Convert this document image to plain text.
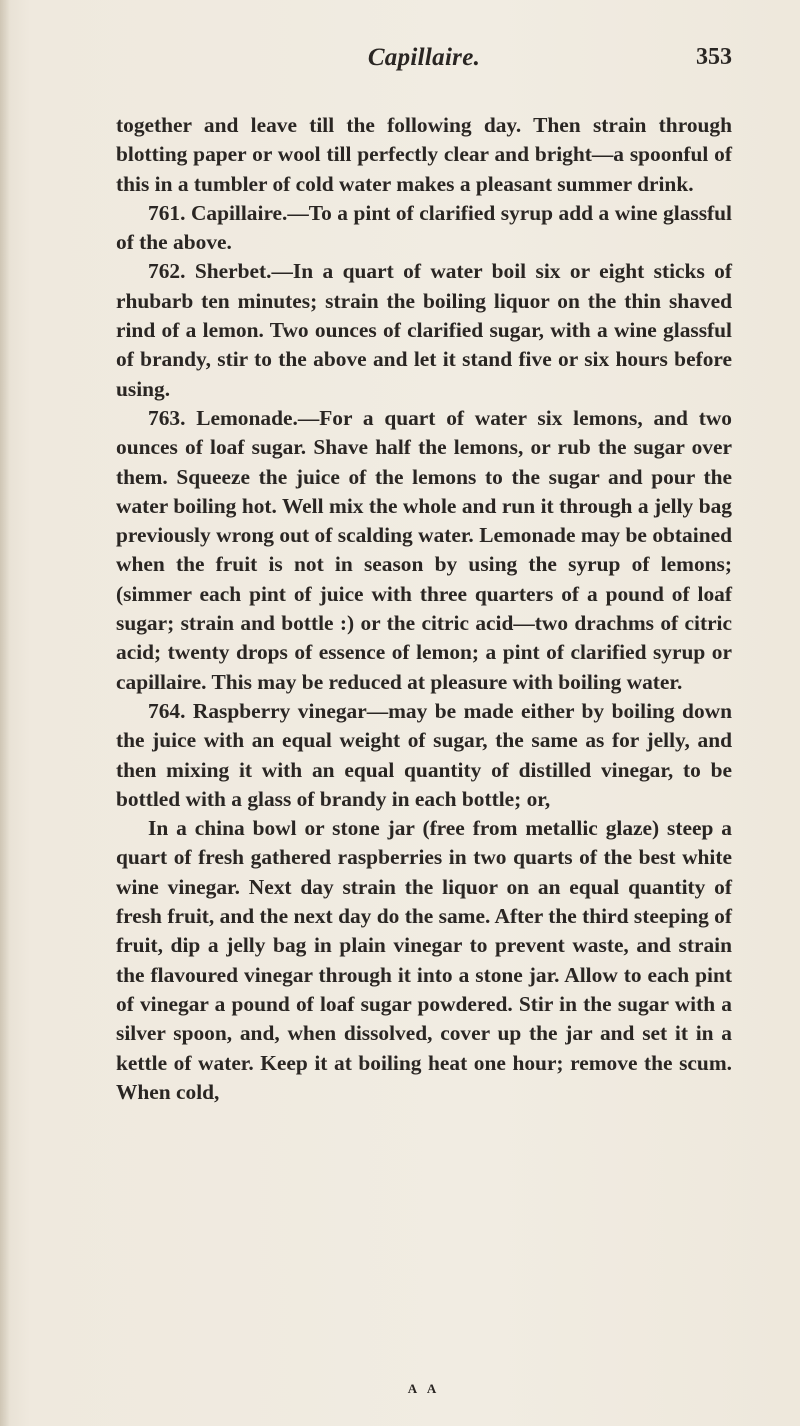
Capillaire.	353

together and leave till the following day. Then strain through blotting paper or wool till perfectly clear and bright—a spoonful of this in a tumbler of cold water makes a pleasant summer drink.

761. Capillaire.—To a pint of clarified syrup add a wine glassful of the above.

762. Sherbet.—In a quart of water boil six or eight sticks of rhubarb ten minutes; strain the boiling liquor on the thin shaved rind of a lemon. Two ounces of clarified sugar, with a wine glassful of brandy, stir to the above and let it stand five or six hours before using.

763. Lemonade.—For a quart of water six lemons, and two ounces of loaf sugar. Shave half the lemons, or rub the sugar over them. Squeeze the juice of the lemons to the sugar and pour the water boiling hot. Well mix the whole and run it through a jelly bag previously wrong out of scalding water. Lemonade may be obtained when the fruit is not in season by using the syrup of lemons; (simmer each pint of juice with three quarters of a pound of loaf sugar; strain and bottle :) or the citric acid—two drachms of citric acid; twenty drops of essence of lemon; a pint of clarified syrup or capillaire. This may be reduced at pleasure with boiling water.

764. Raspberry vinegar—may be made either by boiling down the juice with an equal weight of sugar, the same as for jelly, and then mixing it with an equal quantity of distilled vinegar, to be bottled with a glass of brandy in each bottle; or,

In a china bowl or stone jar (free from metallic glaze) steep a quart of fresh gathered raspberries in two quarts of the best white wine vinegar. Next day strain the liquor on an equal quantity of fresh fruit, and the next day do the same. After the third steeping of fruit, dip a jelly bag in plain vinegar to prevent waste, and strain the flavoured vinegar through it into a stone jar. Allow to each pint of vinegar a pound of loaf sugar powdered. Stir in the sugar with a silver spoon, and, when dissolved, cover up the jar and set it in a kettle of water. Keep it at boiling heat one hour; remove the scum. When cold,

A A
